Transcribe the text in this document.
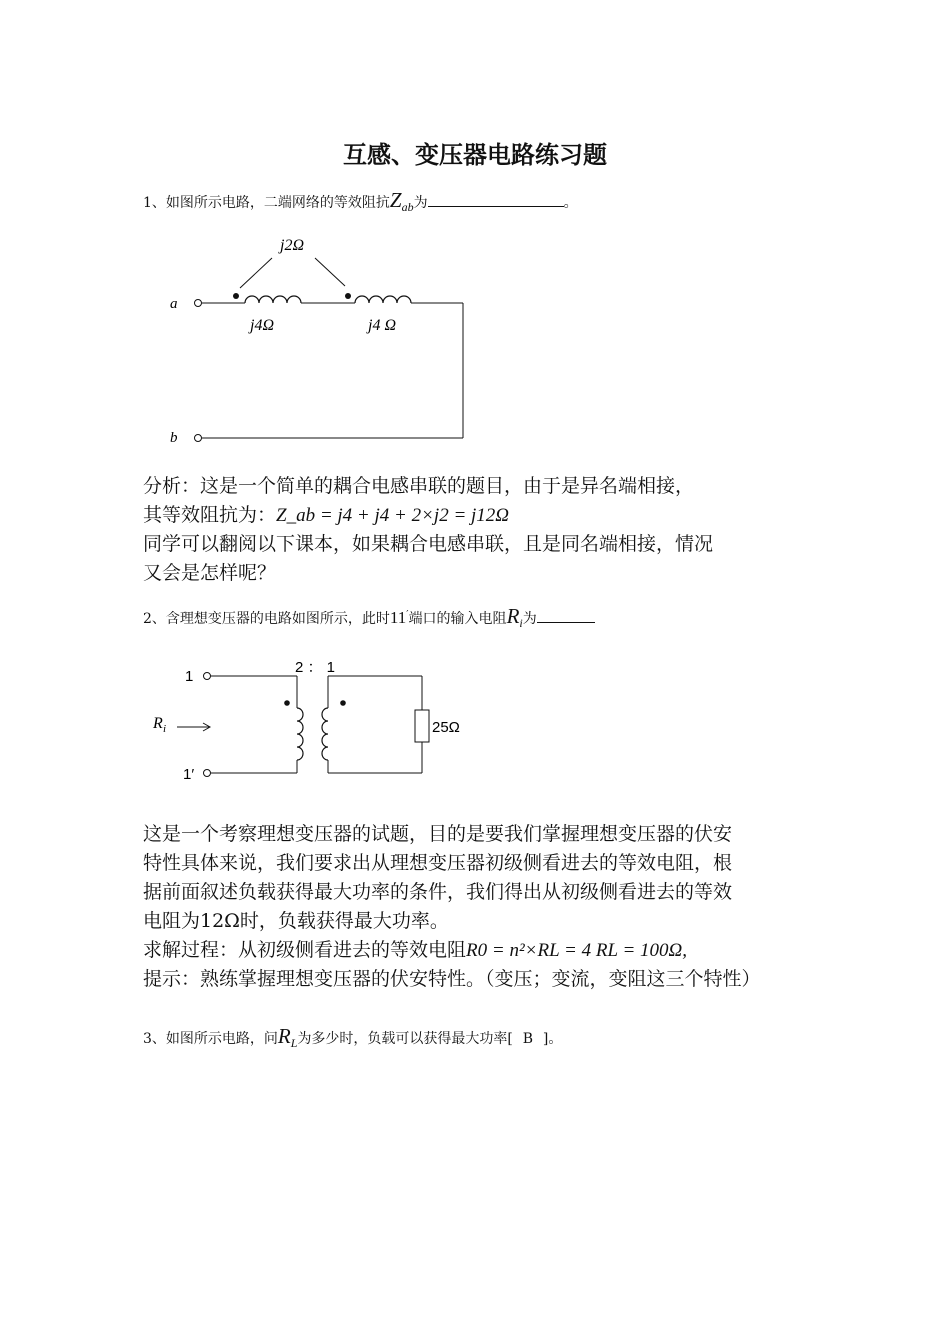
互感、变压器电路练习题
1、如图所示电路，二端网络的等效阻抗$Z_{ab}$为	。
j2Ω
a
j4Ω	j4 Ω
b
分析：这是一个简单的耦合电感串联的题目，由于是异名端相接，
其等效阻抗为：Z_ab = j4 + j4 + 2×j2 = j12Ω
同学可以翻阅以下课本，如果耦合电感串联，且是同名端相接，情况
又会是怎样呢？
2、含理想变压器的电路如图所示，此时11′端口的输入电阻$R_i$为
2 ： 1
1
1′
25Ω
R i
这是一个考察理想变压器的试题，目的是要我们掌握理想变压器的伏安
特性具体来说，我们要求出从理想变压器初级侧看进去的等效电阻，根
据前面叙述负载获得最大功率的条件，我们得出从初级侧看进去的等效
电阻为12Ω时，负载获得最大功率。
求解过程：从初级侧看进去的等效电阻R0 = n²×RL = 4 RL = 100Ω,
提示：熟练掌握理想变压器的伏安特性。（变压；变流，变阻这三个特性）
3、如图所示电路，问$R_L$为多少时，负载可以获得最大功率[ B ]。
